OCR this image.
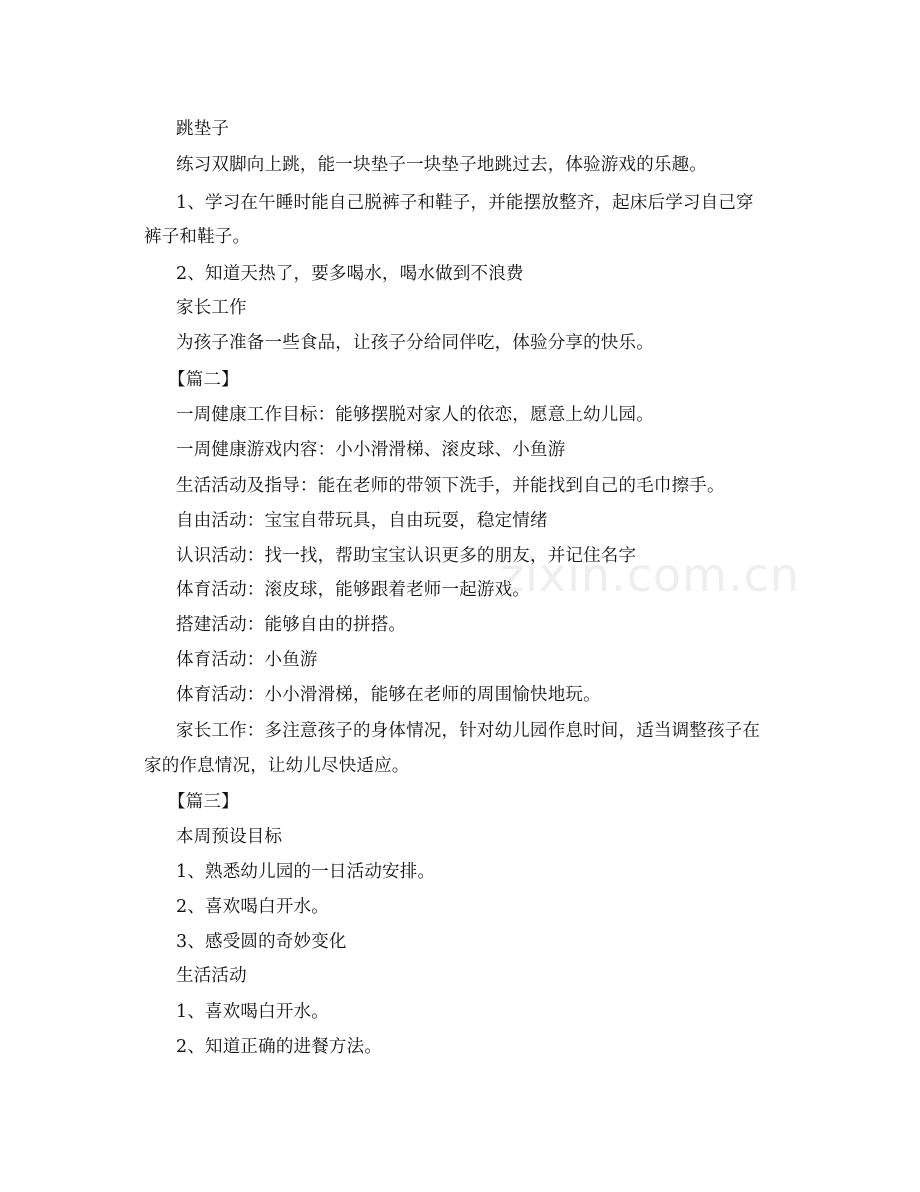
跳垫子
练习双脚向上跳，能一块垫子一块垫子地跳过去，体验游戏的乐趣。
1、学习在午睡时能自己脱裤子和鞋子，并能摆放整齐，起床后学习自己穿
裤子和鞋子。
2、知道天热了，要多喝水，喝水做到不浪费
家长工作
为孩子准备一些食品，让孩子分给同伴吃，体验分享的快乐。
【篇二】
一周健康工作目标：能够摆脱对家人的依恋，愿意上幼儿园。
一周健康游戏内容：小小滑滑梯、滚皮球、小鱼游
生活活动及指导：能在老师的带领下洗手，并能找到自己的毛巾擦手。
自由活动：宝宝自带玩具，自由玩耍，稳定情绪
认识活动：找一找，帮助宝宝认识更多的朋友，并记住名字
体育活动：滚皮球，能够跟着老师一起游戏。
搭建活动：能够自由的拼搭。
体育活动：小鱼游
体育活动：小小滑滑梯，能够在老师的周围愉快地玩。
家长工作：多注意孩子的身体情况，针对幼儿园作息时间，适当调整孩子在
家的作息情况，让幼儿尽快适应。
【篇三】
本周预设目标
1、熟悉幼儿园的一日活动安排。
2、喜欢喝白开水。
3、感受圆的奇妙变化
生活活动
1、喜欢喝白开水。
2、知道正确的进餐方法。
zixin.com.cn
